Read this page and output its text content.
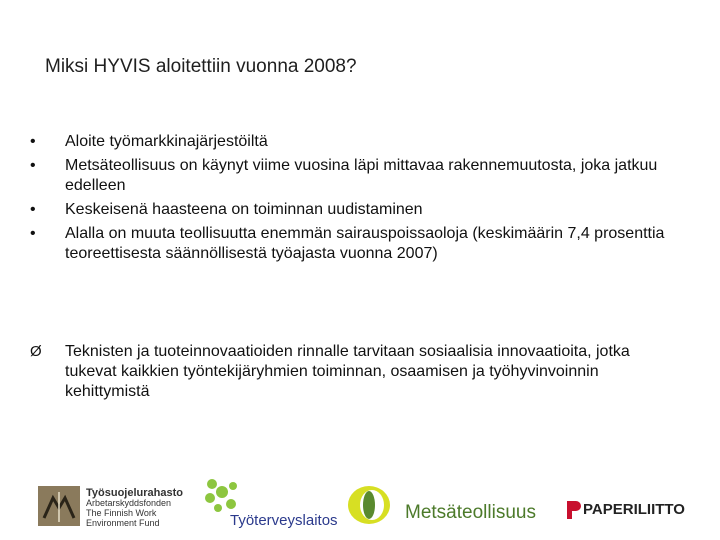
Miksi HYVIS aloitettiin vuonna 2008?
• Aloite työmarkkinajärjestöiltä
• Metsäteollisuus on käynyt viime vuosina läpi mittavaa rakennemuutosta, joka jatkuu edelleen
• Keskeisenä haasteena on toiminnan uudistaminen
• Alalla on muuta teollisuutta enemmän sairauspoissaoloja (keskimäärin 7,4 prosenttia teoreettisesta säännöllisestä työajasta vuonna 2007)
Ø Teknisten ja tuoteinnovaatioiden rinnalle tarvitaan sosiaalisia innovaatioita, jotka tukevat kaikkien työntekijäryhmien toiminnan, osaamisen ja työhyvinvoinnin kehittymistä
Työsuojelurahasto
Arbetarskyddsfonden
The Finnish Work Environment Fund	Työterveyslaitos	Metsäteollisuus	PAPERILIITTO
